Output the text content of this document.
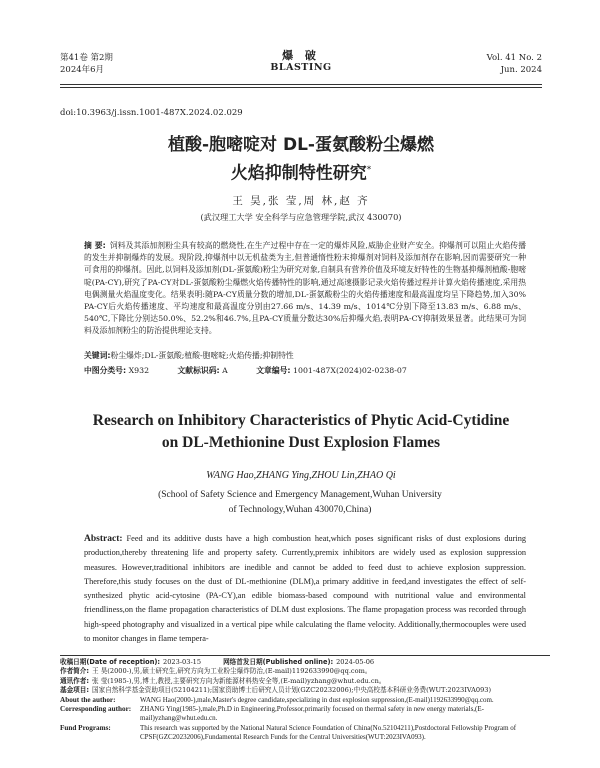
第41卷 第2期
2024年6月
爆 破
BLASTING
Vol. 41 No. 2
Jun. 2024
doi:10.3963/j.issn.1001-487X.2024.02.029
植酸-胞嘧啶对 DL-蛋氨酸粉尘爆燃
火焰抑制特性研究*
王 昊,张 莹,周 林,赵 齐
(武汉理工大学 安全科学与应急管理学院,武汉 430070)
摘 要: 饲料及其添加剂粉尘具有较高的燃烧性,在生产过程中存在一定的爆炸风险,威胁企业财产安全。抑爆剂可以阻止火焰传播的发生并抑制爆炸的发展。现阶段,抑爆剂中以无机盐类为主,但普通惰性粉末抑爆剂对饲料及添加剂存在影响,因而需要研究一种可食用的抑爆剂。因此,以饲料及添加剂(DL-蛋氨酸)粉尘为研究对象,自制具有营养价值及环境友好特性的生物基抑爆剂植酸-胞嘧啶(PA-CY),研究了PA-CY对DL-蛋氨酸粉尘爆燃火焰传播特性的影响,通过高速摄影记录火焰传播过程并计算火焰传播速度,采用热电偶测量火焰温度变化。结果表明:随PA-CY质量分数的增加,DL-蛋氨酸粉尘的火焰传播速度和最高温度均呈下降趋势,加入30% PA-CY后火焰传播速度、平均速度和最高温度分别由27.66 m/s、14.39 m/s、1014℃分别下降至13.83 m/s、6.88 m/s、540℃,下降比分别达50.0%、52.2%和46.7%,且PA-CY质量分数达30%后抑爆火焰,表明PA-CY抑制效果显著。此结果可为饲料及添加剂粉尘的防治提供理论支持。
关键词:粉尘爆炸;DL-蛋氨酸;植酸-胞嘧啶;火焰传播;抑制特性
中图分类号: X932	文献标识码: A	文章编号: 1001-487X(2024)02-0238-07
Research on Inhibitory Characteristics of Phytic Acid-Cytidine
on DL-Methionine Dust Explosion Flames
WANG Hao,ZHANG Ying,ZHOU Lin,ZHAO Qi
(School of Safety Science and Emergency Management,Wuhan University
of Technology,Wuhan 430070,China)
Abstract: Feed and its additive dusts have a high combustion heat,which poses significant risks of dust explosions during production,thereby threatening life and property safety. Currently,premix inhibitors are widely used as explosion suppression measures. However,traditional inhibitors are inedible and cannot be added to feed dust to achieve explosion suppression. Therefore,this study focuses on the dust of DL-methionine (DLM),a primary additive in feed,and investigates the effect of self-synthesized phytic acid-cytosine (PA-CY),an edible biomass-based compound with nutritional value and environmental friendliness,on the flame propagation characteristics of DLM dust explosions. The flame propagation process was recorded through high-speed photography and visualized in a vertical pipe while calculating the flame velocity. Additionally,thermocouples were used to monitor changes in flame tempera-
收稿日期(Date of reception): 2023-03-15	网络首发日期(Published online): 2024-05-06
作者简介: 王 昊(2000-),男,硕士研究生,研究方向为工业粉尘爆炸防治,(E-mail)1192633990@qq.com。
通讯作者: 张 莹(1985-),男,博士,教授,主要研究方向为新能源材料热安全等,(E-mail)yzhang@whut.edu.cn。
基金项目: 国家自然科学基金资助项目(52104211);国家资助博士后研究人员计划(GZC20232006);中央高校基本科研业务费(WUT:2023IVA093)
About the author:	WANG Hao(2000-),male,Master's degree candidate,specializing in dust explosion suppression,(E-mail)1192633990@qq.com.
Corresponding author:	ZHANG Ying(1985-),male,Ph.D in Engineering,Professor,primarily focused on thermal safety in new energy materials,(E-mail)yzhang@whut.edu.cn.
Fund Programs:	This research was supported by the National Natural Science Foundation of China(No.52104211),Postdoctoral Fellowship Program of CPSF(GZC20232006),Fundamental Research Funds for the Central Universities(WUT:2023IVA093).
